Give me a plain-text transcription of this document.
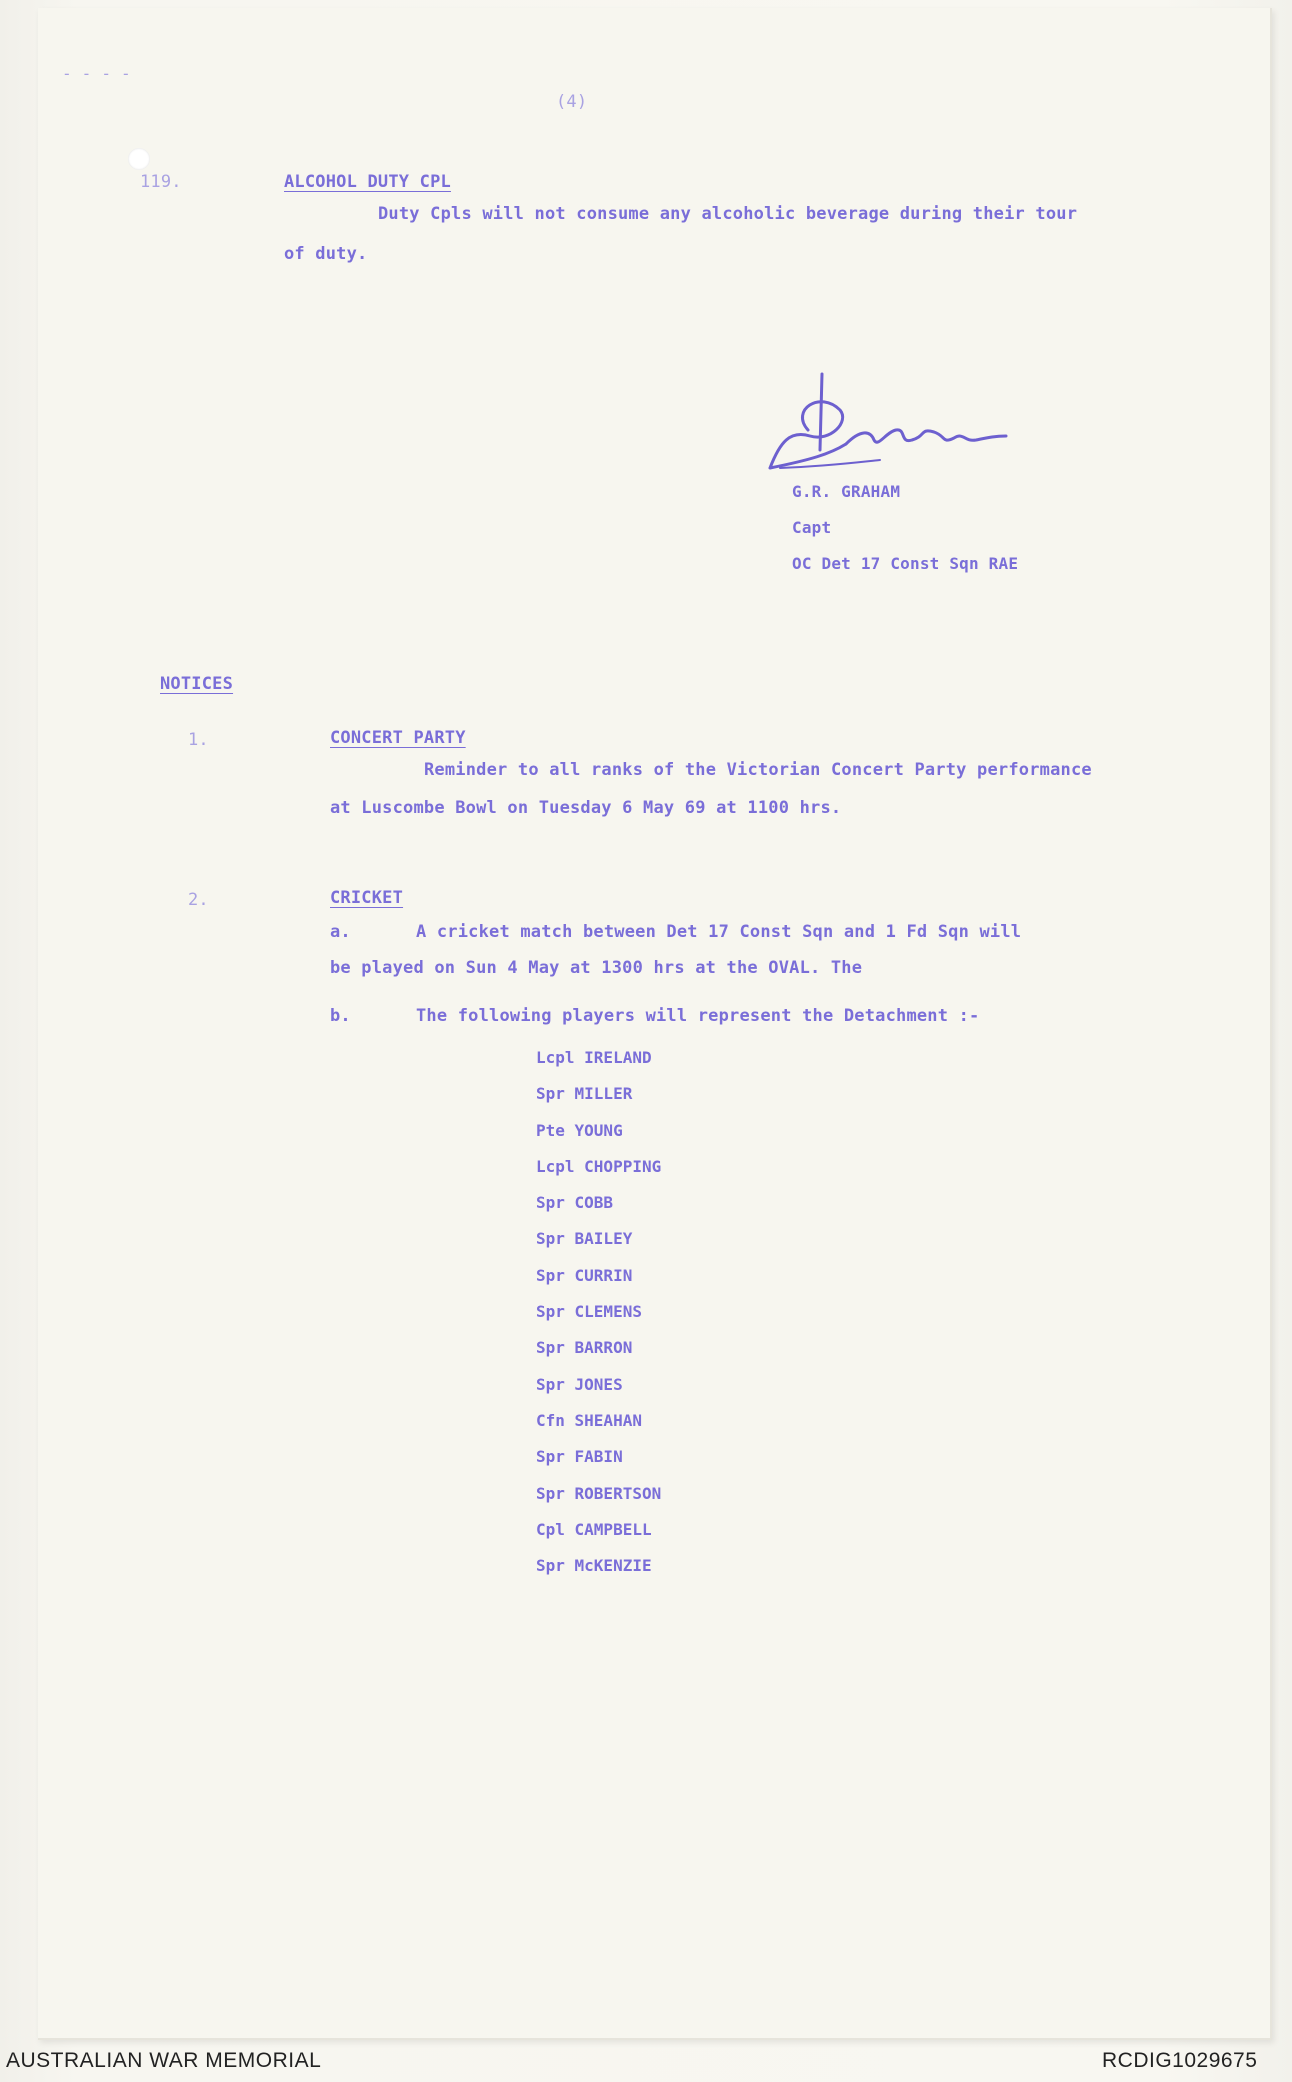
- - - -
(4)
119.	ALCOHOL DUTY CPL
Duty Cpls will not consume any alcoholic beverage during their tour
of duty.
G.R. GRAHAM
Capt
OC Det 17 Const Sqn RAE
NOTICES
1.	CONCERT PARTY
Reminder to all ranks of the Victorian Concert Party performance
at Luscombe Bowl on Tuesday 6 May 69 at 1100 hrs.
2.	CRICKET
a.	A cricket match between Det 17 Const Sqn and 1 Fd Sqn will
be played on Sun 4 May at 1300 hrs at the OVAL. The
b.	The following players will represent the Detachment :-
Lcpl IRELAND
Spr MILLER
Pte YOUNG
Lcpl CHOPPING
Spr COBB
Spr BAILEY
Spr CURRIN
Spr CLEMENS
Spr BARRON
Spr JONES
Cfn SHEAHAN
Spr FABIN
Spr ROBERTSON
Cpl CAMPBELL
Spr McKENZIE
AUSTRALIAN WAR MEMORIAL	RCDIG1029675
